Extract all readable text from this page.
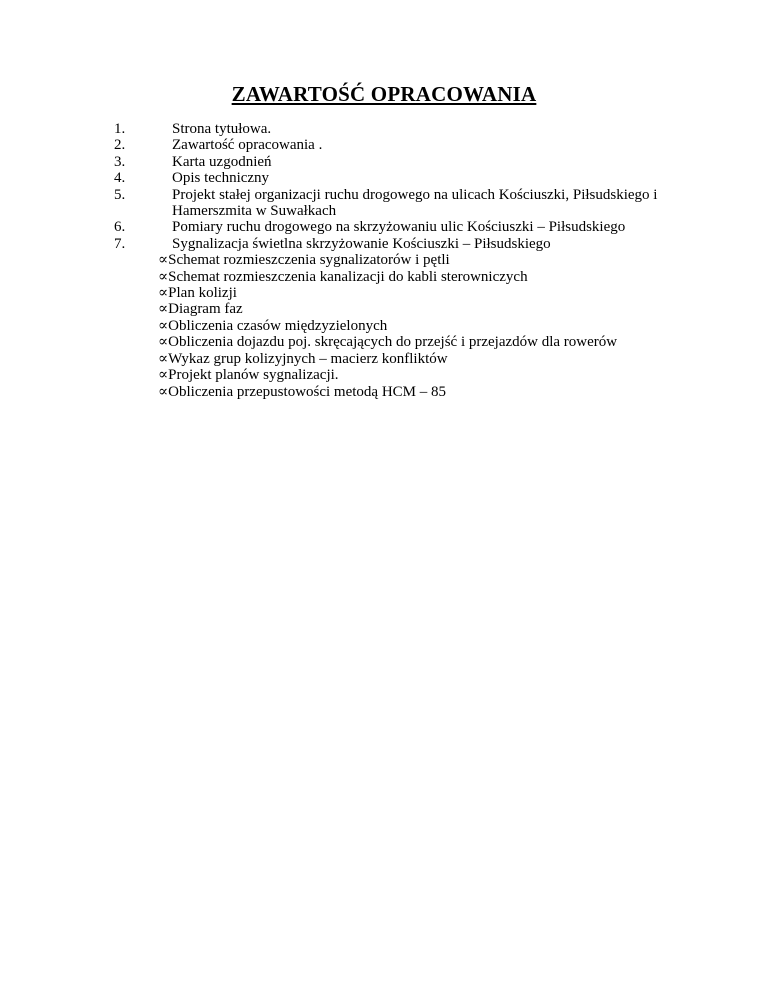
ZAWARTOŚĆ OPRACOWANIA
1.	Strona tytułowa.
2.	Zawartość opracowania .
3.	Karta uzgodnień
4.	Opis techniczny
5.	Projekt stałej organizacji ruchu drogowego na ulicach Kościuszki, Piłsudskiego i Hamerszmita w Suwałkach
6.	Pomiary ruchu drogowego na skrzyżowaniu ulic Kościuszki – Piłsudskiego
7.	Sygnalizacja świetlna skrzyżowanie Kościuszki – Piłsudskiego
∝ Schemat rozmieszczenia sygnalizatorów i pętli
∝ Schemat rozmieszczenia kanalizacji do kabli sterowniczych
∝ Plan kolizji
∝ Diagram faz
∝ Obliczenia czasów międzyzielonych
∝ Obliczenia dojazdu poj. skręcających do przejść i przejazdów dla rowerów
∝ Wykaz grup kolizyjnych – macierz konfliktów
∝ Projekt planów sygnalizacji.
∝ Obliczenia przepustowości metodą HCM – 85
